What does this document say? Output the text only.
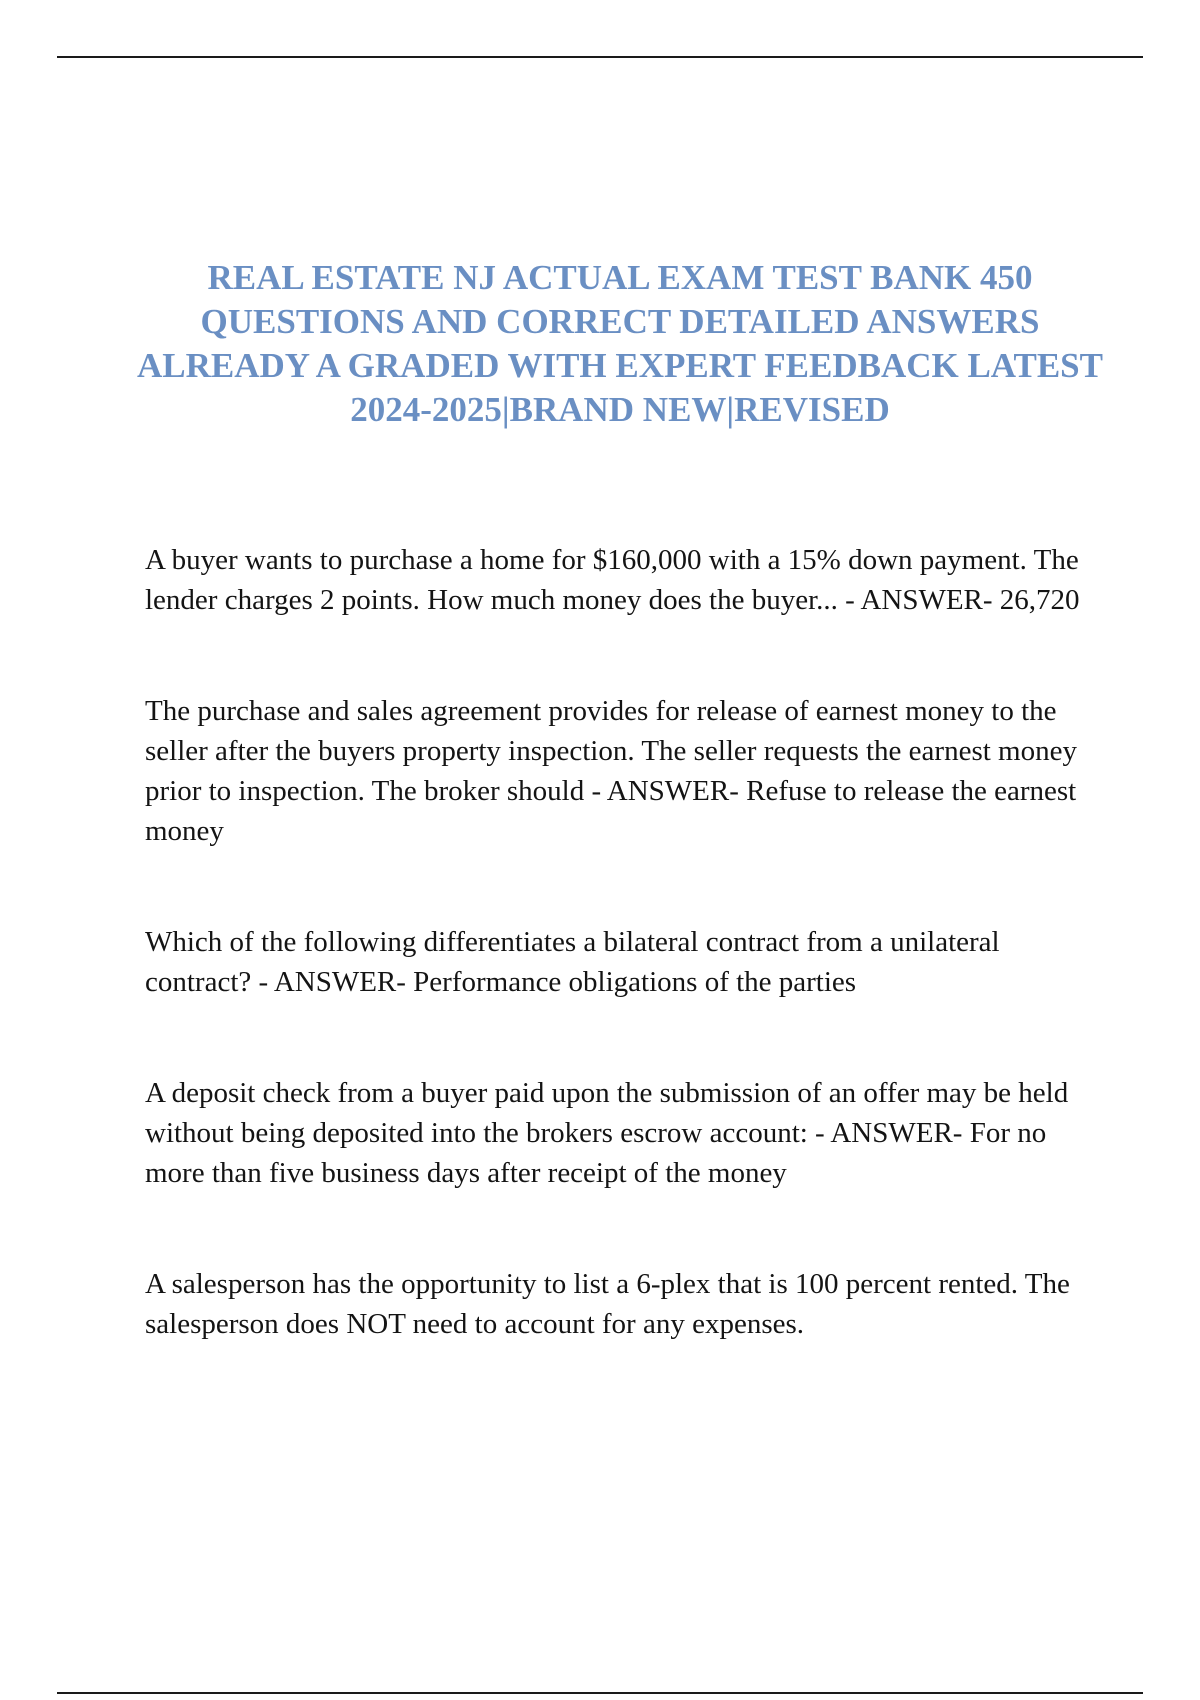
REAL ESTATE NJ ACTUAL EXAM TEST BANK 450 QUESTIONS AND CORRECT DETAILED ANSWERS ALREADY A GRADED WITH EXPERT FEEDBACK LATEST 2024-2025|BRAND NEW|REVISED
A buyer wants to purchase a home for $160,000 with a 15% down payment. The lender charges 2 points. How much money does the buyer... - ANSWER- 26,720
The purchase and sales agreement provides for release of earnest money to the seller after the buyers property inspection. The seller requests the earnest money prior to inspection. The broker should - ANSWER- Refuse to release the earnest money
Which of the following differentiates a bilateral contract from a unilateral contract? - ANSWER- Performance obligations of the parties
A deposit check from a buyer paid upon the submission of an offer may be held without being deposited into the brokers escrow account: - ANSWER- For no more than five business days after receipt of the money
A salesperson has the opportunity to list a 6-plex that is 100 percent rented. The salesperson does NOT need to account for any expenses.
